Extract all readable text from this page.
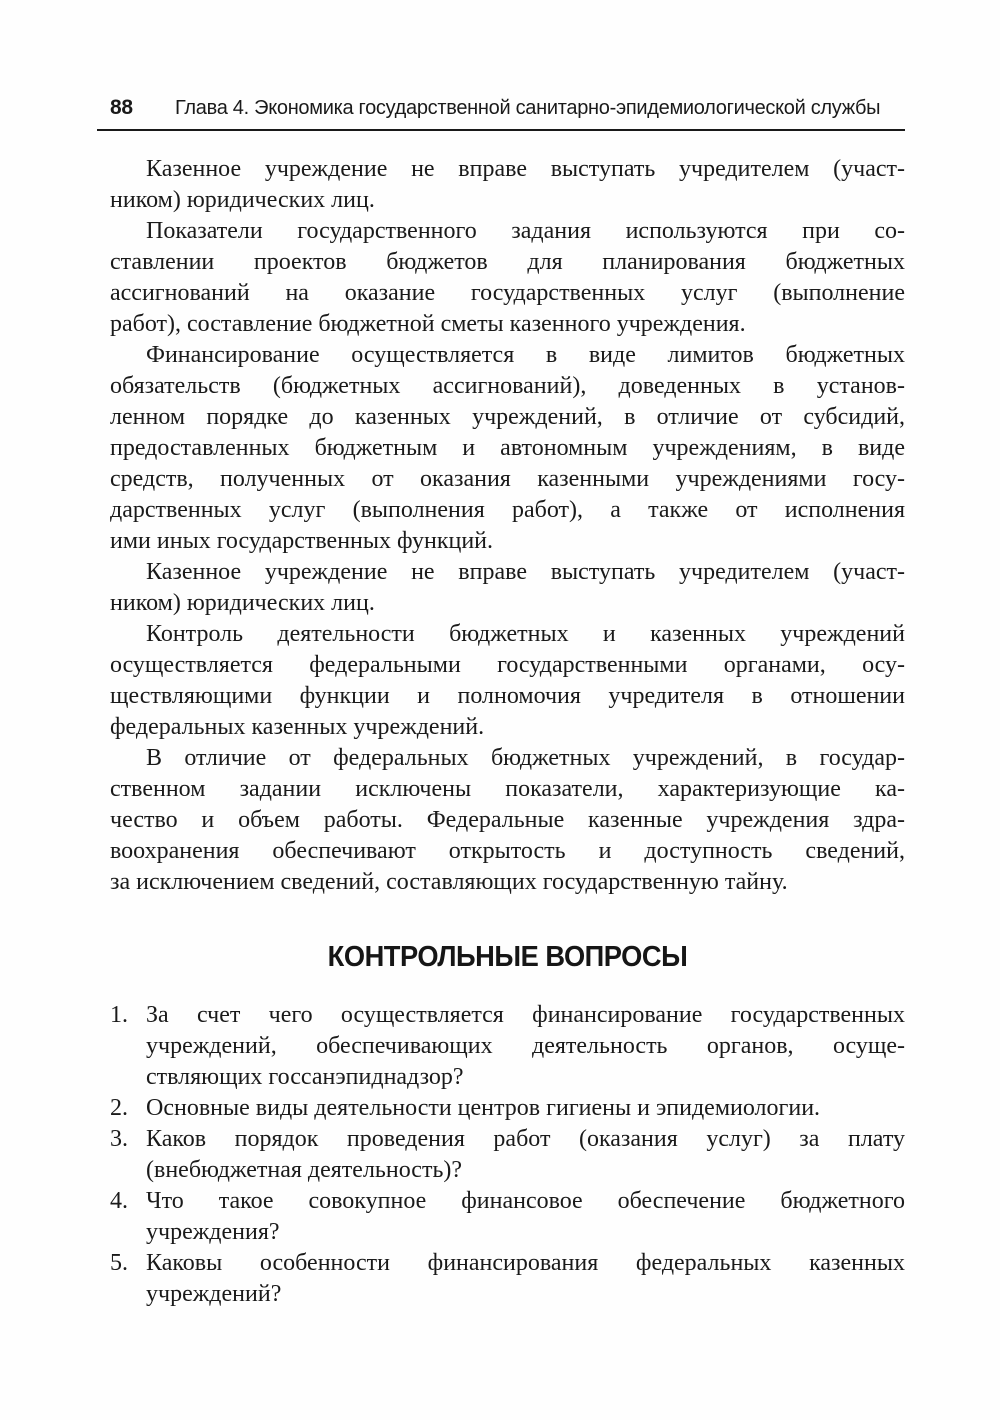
88	Глава 4. Экономика государственной санитарно-эпидемиологической службы
Казенное учреждение не вправе выступать учредителем (участ-
ником) юридических лиц.
Показатели государственного задания используются при со-
ставлении проектов бюджетов для планирования бюджетных
ассигнований на оказание государственных услуг (выполнение
работ), составление бюджетной сметы казенного учреждения.
Финансирование осуществляется в виде лимитов бюджетных
обязательств (бюджетных ассигнований), доведенных в установ-
ленном порядке до казенных учреждений, в отличие от субсидий,
предоставленных бюджетным и автономным учреждениям, в виде
средств, полученных от оказания казенными учреждениями госу-
дарственных услуг (выполнения работ), а также от исполнения
ими иных государственных функций.
Казенное учреждение не вправе выступать учредителем (участ-
ником) юридических лиц.
Контроль деятельности бюджетных и казенных учреждений
осуществляется федеральными государственными органами, осу-
ществляющими функции и полномочия учредителя в отношении
федеральных казенных учреждений.
В отличие от федеральных бюджетных учреждений, в государ-
ственном задании исключены показатели, характеризующие ка-
чество и объем работы. Федеральные казенные учреждения здра-
воохранения обеспечивают открытость и доступность сведений,
за исключением сведений, составляющих государственную тайну.
КОНТРОЛЬНЫЕ ВОПРОСЫ
1. За счет чего осуществляется финансирование государственных
учреждений, обеспечивающих деятельность органов, осуще-
ствляющих госсанэпиднадзор?
2. Основные виды деятельности центров гигиены и эпидемиологии.
3. Каков порядок проведения работ (оказания услуг) за плату
(внебюджетная деятельность)?
4. Что такое совокупное финансовое обеспечение бюджетного
учреждения?
5. Каковы особенности финансирования федеральных казенных
учреждений?
